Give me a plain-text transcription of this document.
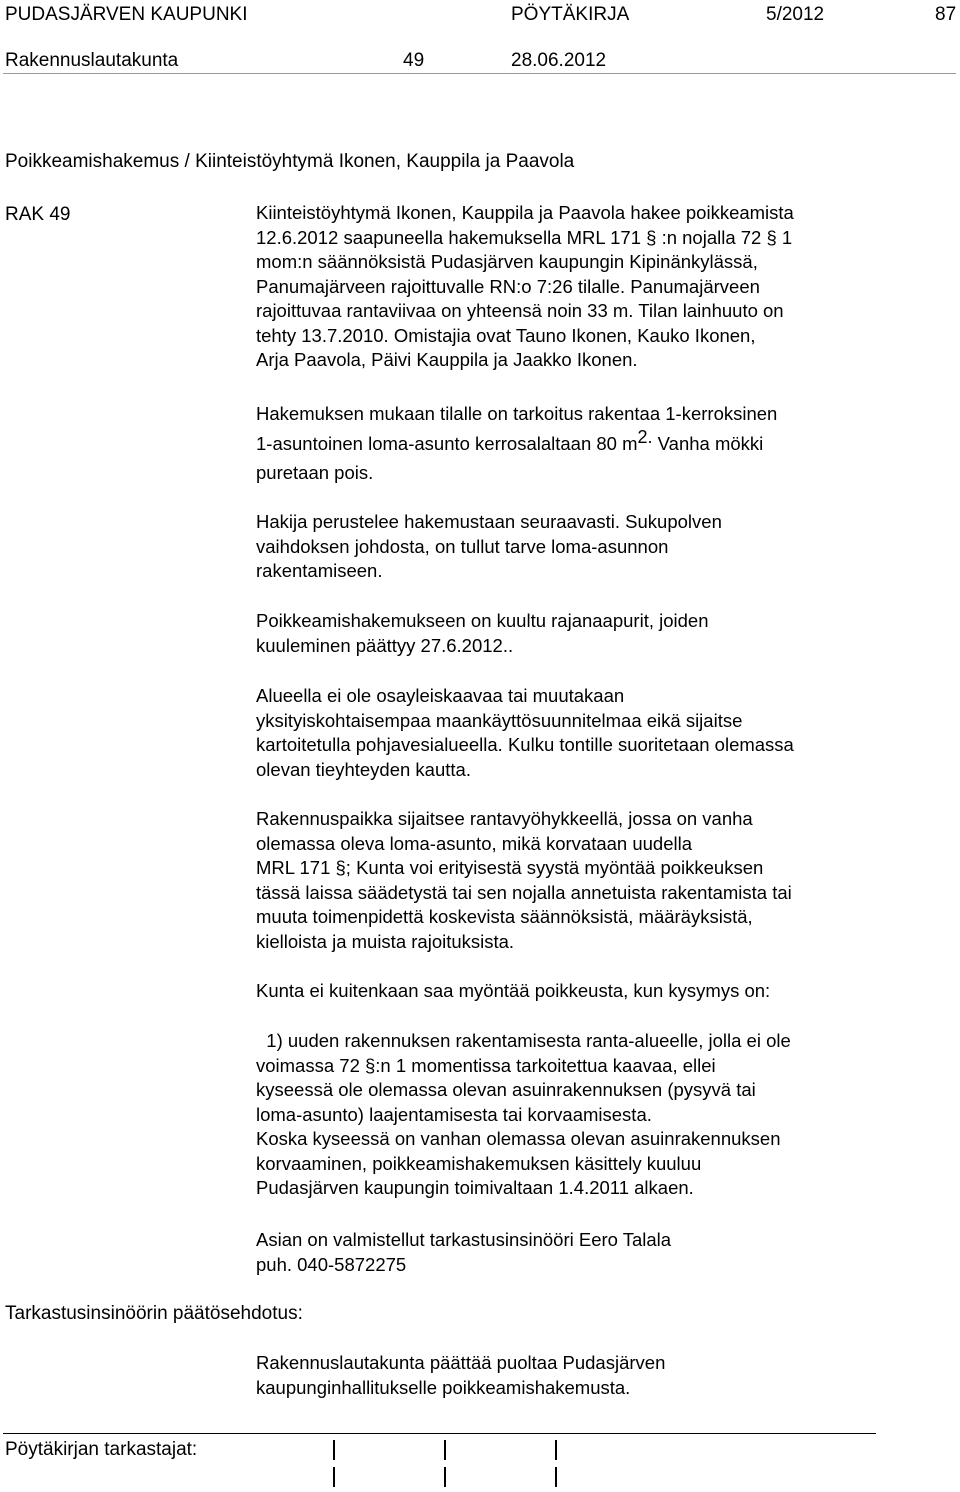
PUDASJÄRVEN KAUPUNKI	PÖYTÄKIRJA	5/2012	87
Rakennuslautakunta	49	28.06.2012
Poikkeamishakemus / Kiinteistöyhtymä Ikonen, Kauppila ja Paavola
RAK 49	Kiinteistöyhtymä Ikonen, Kauppila ja Paavola hakee poikkeamista

12.6.2012 saapuneella hakemuksella MRL 171 § :n nojalla 72 § 1

mom:n säännöksistä Pudasjärven kaupungin Kipinänkylässä,

Panumajärveen rajoittuvalle RN:o 7:26 tilalle. Panumajärveen

rajoittuvaa rantaviivaa on yhteensä noin 33 m. Tilan lainhuuto on

tehty 13.7.2010. Omistajia ovat Tauno Ikonen, Kauko Ikonen,

Arja Paavola, Päivi Kauppila ja Jaakko Ikonen.

Hakemuksen mukaan tilalle on tarkoitus rakentaa 1-kerroksinen

1-asuntoinen loma-asunto kerrosalaltaan 80 $m^{2.}$ Vanha mökki

puretaan pois.

Hakija perustelee hakemustaan seuraavasti. Sukupolven

vaihdoksen johdosta, on tullut tarve loma-asunnon

rakentamiseen.

Poikkeamishakemukseen on kuultu rajanaapurit, joiden

kuuleminen päättyy 27.6.2012..

Alueella ei ole osayleiskaavaa tai muutakaan

yksityiskohtaisempaa maankäyttösuunnitelmaa eikä sijaitse

kartoitetulla pohjavesialueella. Kulku tontille suoritetaan olemassa

olevan tieyhteyden kautta.

Rakennuspaikka sijaitsee rantavyöhykkeellä, jossa on vanha

olemassa oleva loma-asunto, mikä korvataan uudella

MRL 171 §; Kunta voi erityisestä syystä myöntää poikkeuksen

tässä laissa säädetystä tai sen nojalla annetuista rakentamista tai

muuta toimenpidettä koskevista säännöksistä, määräyksistä,

kielloista ja muista rajoituksista.

Kunta ei kuitenkaan saa myöntää poikkeusta, kun kysymys on:

1) uuden rakennuksen rakentamisesta ranta-alueelle, jolla ei ole

voimassa 72 §:n 1 momentissa tarkoitettua kaavaa, ellei

kyseessä ole olemassa olevan asuinrakennuksen (pysyvä tai

loma-asunto) laajentamisesta tai korvaamisesta.

Koska kyseessä on vanhan olemassa olevan asuinrakennuksen

korvaaminen, poikkeamishakemuksen käsittely kuuluu

Pudasjärven kaupungin toimivaltaan 1.4.2011 alkaen.

Asian on valmistellut tarkastusinsinööri Eero Talala

puh. 040-5872275

Tarkastusinsinöörin päätösehdotus:

Rakennuslautakunta päättää puoltaa Pudasjärven

kaupunginhallitukselle poikkeamishakemusta.

Pöytäkirjan tarkastajat:
